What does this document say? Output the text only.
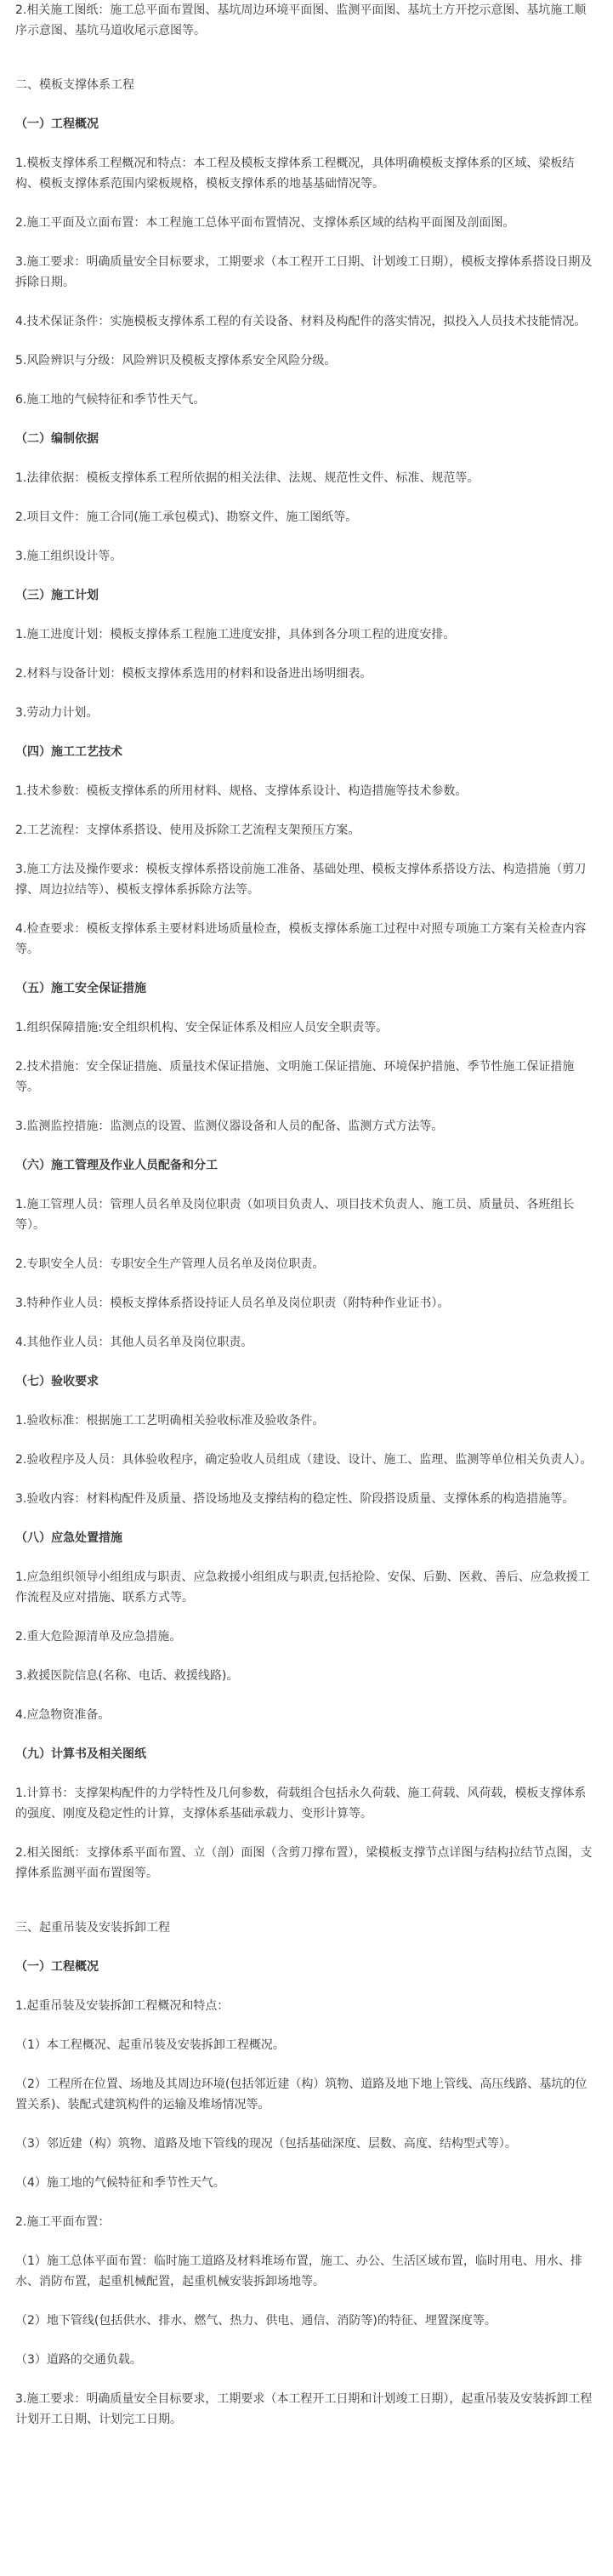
2.相关施工图纸：施工总平面布置图、基坑周边环境平面图、监测平面图、基坑土方开挖示意图、基坑施工顺序示意图、基坑马道收尾示意图等。

二、模板支撑体系工程

（一）工程概况

1.模板支撑体系工程概况和特点：本工程及模板支撑体系工程概况，具体明确模板支撑体系的区域、梁板结构、模板支撑体系范围内梁板规格，模板支撑体系的地基基础情况等。

2.施工平面及立面布置：本工程施工总体平面布置情况、支撑体系区域的结构平面图及剖面图。

3.施工要求：明确质量安全目标要求，工期要求（本工程开工日期、计划竣工日期），模板支撑体系搭设日期及拆除日期。

4.技术保证条件：实施模板支撑体系工程的有关设备、材料及构配件的落实情况，拟投入人员技术技能情况。

5.风险辨识与分级：风险辨识及模板支撑体系安全风险分级。

6.施工地的气候特征和季节性天气。

（二）编制依据

1.法律依据：模板支撑体系工程所依据的相关法律、法规、规范性文件、标准、规范等。

2.项目文件：施工合同(施工承包模式)、勘察文件、施工图纸等。

3.施工组织设计等。

（三）施工计划

1.施工进度计划：模板支撑体系工程施工进度安排，具体到各分项工程的进度安排。

2.材料与设备计划：模板支撑体系选用的材料和设备进出场明细表。

3.劳动力计划。

（四）施工工艺技术

1.技术参数：模板支撑体系的所用材料、规格、支撑体系设计、构造措施等技术参数。

2.工艺流程：支撑体系搭设、使用及拆除工艺流程支架预压方案。

3.施工方法及操作要求：模板支撑体系搭设前施工准备、基础处理、模板支撑体系搭设方法、构造措施（剪刀撑、周边拉结等）、模板支撑体系拆除方法等。

4.检查要求：模板支撑体系主要材料进场质量检查，模板支撑体系施工过程中对照专项施工方案有关检查内容等。

（五）施工安全保证措施

1.组织保障措施:安全组织机构、安全保证体系及相应人员安全职责等。

2.技术措施：安全保证措施、质量技术保证措施、文明施工保证措施、环境保护措施、季节性施工保证措施等。

3.监测监控措施：监测点的设置、监测仪器设备和人员的配备、监测方式方法等。

（六）施工管理及作业人员配备和分工

1.施工管理人员：管理人员名单及岗位职责（如项目负责人、项目技术负责人、施工员、质量员、各班组长等）。

2.专职安全人员：专职安全生产管理人员名单及岗位职责。

3.特种作业人员：模板支撑体系搭设持证人员名单及岗位职责（附特种作业证书）。

4.其他作业人员：其他人员名单及岗位职责。

（七）验收要求

1.验收标准：根据施工工艺明确相关验收标准及验收条件。

2.验收程序及人员：具体验收程序，确定验收人员组成（建设、设计、施工、监理、监测等单位相关负责人）。

3.验收内容：材料构配件及质量、搭设场地及支撑结构的稳定性、阶段搭设质量、支撑体系的构造措施等。

（八）应急处置措施

1.应急组织领导小组组成与职责、应急救援小组组成与职责,包括抢险、安保、后勤、医救、善后、应急救援工作流程及应对措施、联系方式等。

2.重大危险源清单及应急措施。

3.救援医院信息(名称、电话、救援线路)。

4.应急物资准备。

（九）计算书及相关图纸

1.计算书：支撑架构配件的力学特性及几何参数，荷载组合包括永久荷载、施工荷载、风荷载，模板支撑体系的强度、刚度及稳定性的计算，支撑体系基础承载力、变形计算等。

2.相关图纸：支撑体系平面布置、立（剖）面图（含剪刀撑布置），梁模板支撑节点详图与结构拉结节点图，支撑体系监测平面布置图等。

三、起重吊装及安装拆卸工程

（一）工程概况

1.起重吊装及安装拆卸工程概况和特点：

（1）本工程概况、起重吊装及安装拆卸工程概况。

（2）工程所在位置、场地及其周边环境(包括邻近建（构）筑物、道路及地下地上管线、高压线路、基坑的位置关系)、装配式建筑构件的运输及堆场情况等。

（3）邻近建（构）筑物、道路及地下管线的现况（包括基础深度、层数、高度、结构型式等）。

（4）施工地的气候特征和季节性天气。

2.施工平面布置：

（1）施工总体平面布置：临时施工道路及材料堆场布置，施工、办公、生活区域布置，临时用电、用水、排水、消防布置，起重机械配置，起重机械安装拆卸场地等。

（2）地下管线(包括供水、排水、燃气、热力、供电、通信、消防等)的特征、埋置深度等。

（3）道路的交通负载。

3.施工要求：明确质量安全目标要求，工期要求（本工程开工日期和计划竣工日期），起重吊装及安装拆卸工程计划开工日期、计划完工日期。
